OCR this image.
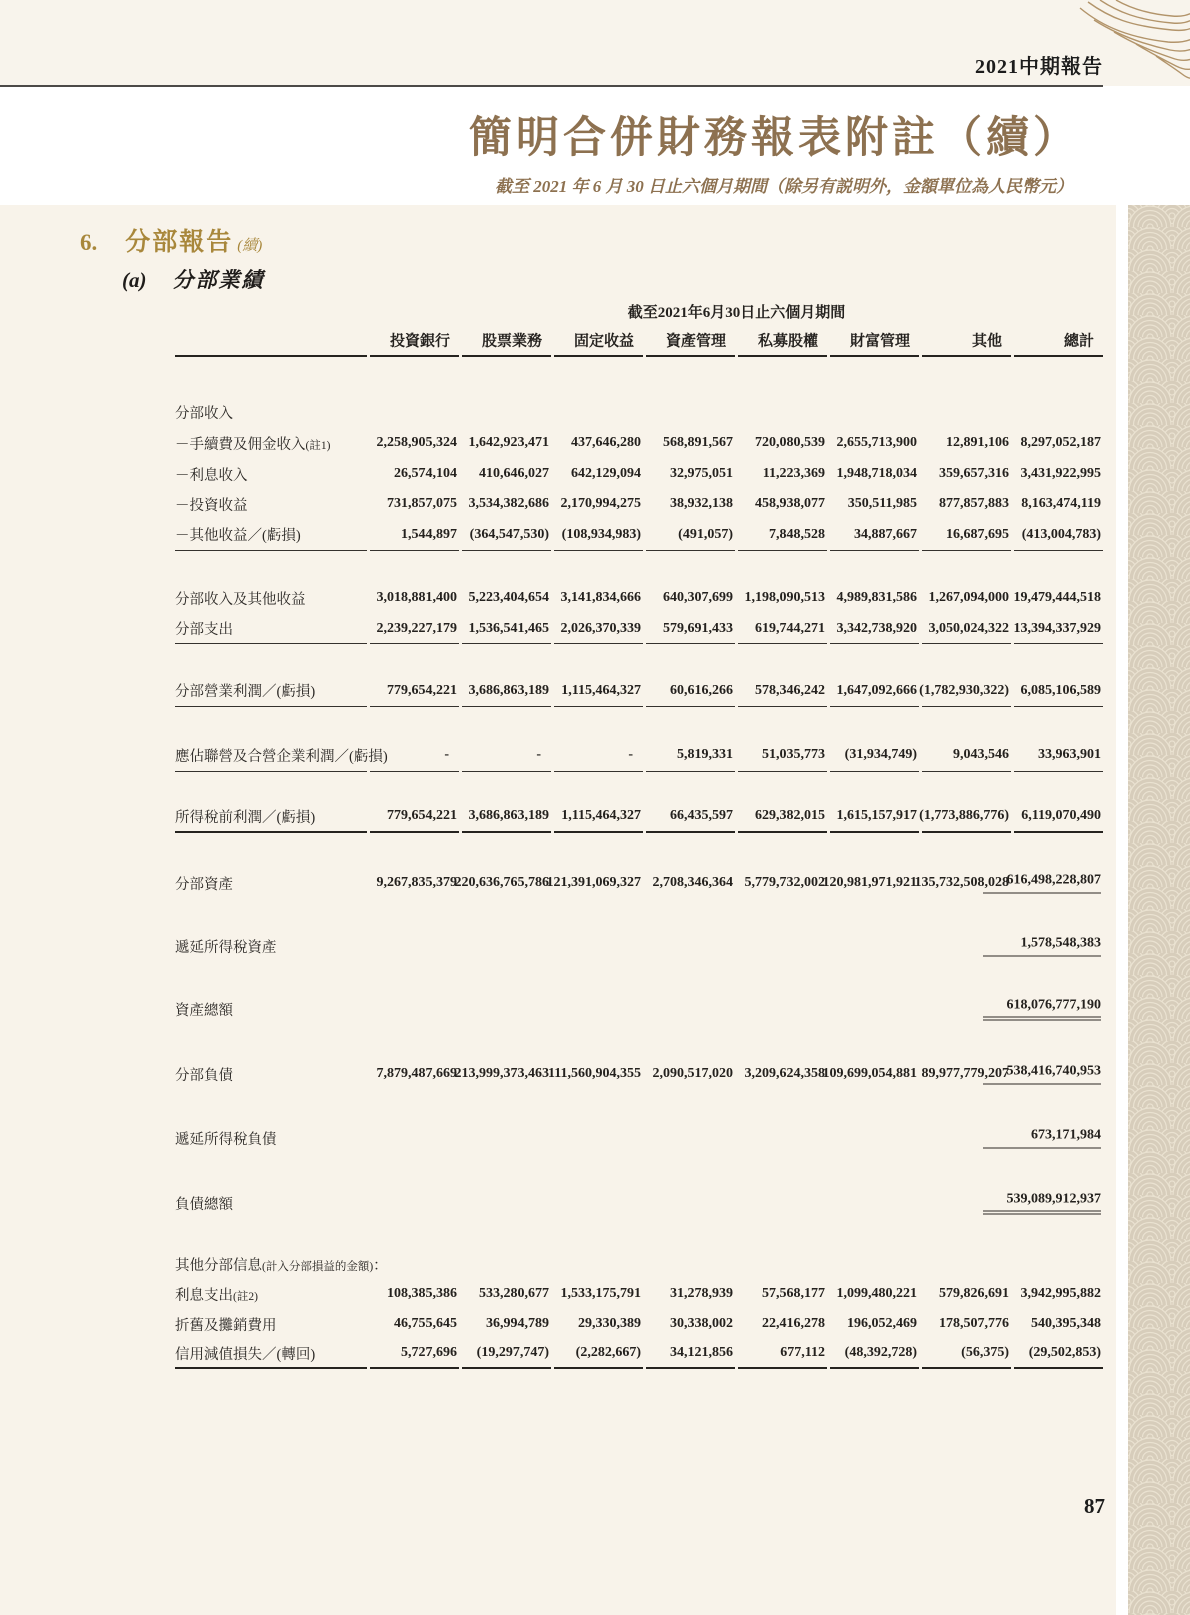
2021中期報告
簡明合併財務報表附註（續）
截至 2021 年 6 月 30 日止六個月期間（除另有説明外，金額單位為人民幣元）
6. 分部報告 (續)
(a) 分部業績
	截至2021年6月30日止六個月期間							

	投資銀行	股票業務	固定收益	資產管理	私募股權	財富管理	其他	總計

分部收入								
－手續費及佣金收入(註1)	2,258,905,324	1,642,923,471	437,646,280	568,891,567	720,080,539	2,655,713,900	12,891,106	8,297,052,187

－利息收入	26,574,104	410,646,027	642,129,094	32,975,051	11,223,369	1,948,718,034	359,657,316	3,431,922,995

－投資收益	731,857,075	3,534,382,686	2,170,994,275	38,932,138	458,938,077	350,511,985	877,857,883	8,163,474,119

－其他收益／(虧損)	1,544,897	(364,547,530)	(108,934,983)	(491,057)	7,848,528	34,887,667	16,687,695	(413,004,783)

分部收入及其他收益	3,018,881,400	5,223,404,654	3,141,834,666	640,307,699	1,198,090,513	4,989,831,586	1,267,094,000	19,479,444,518

分部支出	2,239,227,179	1,536,541,465	2,026,370,339	579,691,433	619,744,271	3,342,738,920	3,050,024,322	13,394,337,929

分部營業利潤／(虧損)	779,654,221	3,686,863,189	1,115,464,327	60,616,266	578,346,242	1,647,092,666	(1,782,930,322)	6,085,106,589

應佔聯營及合營企業利潤／(虧損)	-	-	-	5,819,331	51,035,773	(31,934,749)	9,043,546	33,963,901

所得稅前利潤／(虧損)	779,654,221	3,686,863,189	1,115,464,327	66,435,597	629,382,015	1,615,157,917	(1,773,886,776)	6,119,070,490

分部資產	9,267,835,379	220,636,765,786	121,391,069,327	2,708,346,364	5,779,732,002	120,981,971,921	135,732,508,028	616,498,228,807

遞延所得稅資產								1,578,548,383

資產總額								618,076,777,190

分部負債	7,879,487,669	213,999,373,463	111,560,904,355	2,090,517,020	3,209,624,358	109,699,054,881	89,977,779,207	538,416,740,953

遞延所得稅負債								673,171,984

負債總額								539,089,912,937

其他分部信息(計入分部損益的金額)：								
利息支出(註2)	108,385,386	533,280,677	1,533,175,791	31,278,939	57,568,177	1,099,480,221	579,826,691	3,942,995,882

折舊及攤銷費用	46,755,645	36,994,789	29,330,389	30,338,002	22,416,278	196,052,469	178,507,776	540,395,348

信用減值損失／(轉回)	5,727,696	(19,297,747)	(2,282,667)	34,121,856	677,112	(48,392,728)	(56,375)	(29,502,853)
87
